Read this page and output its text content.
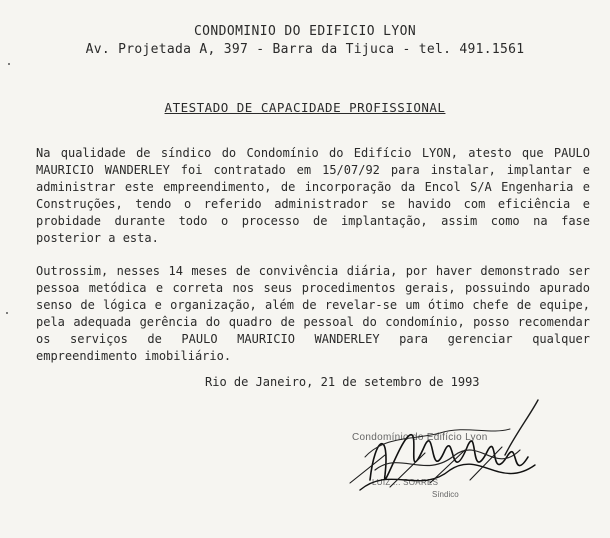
CONDOMINIO DO EDIFICIO LYON
Av. Projetada A, 397 - Barra da Tijuca - tel. 491.1561
ATESTADO DE CAPACIDADE PROFISSIONAL

Na qualidade de síndico do Condomínio do Edifício LYON, atesto que PAULO MAURICIO WANDERLEY foi contratado em 15/07/92 para instalar, implantar e administrar este empreendimento, de incorporação da Encol S/A Engenharia e Construções, tendo o referido administrador se havido com eficiência e probidade durante todo o processo de implantação, assim como na fase posterior a esta.

Outrossim, nesses 14 meses de convivência diária, por haver demonstrado ser pessoa metódica e correta nos seus procedimentos gerais, possuindo apurado senso de lógica e organização, além de revelar-se um ótimo chefe de equipe, pela adequada gerência do quadro de pessoal do condomínio, posso recomendar os serviços de PAULO MAURICIO WANDERLEY para gerenciar qualquer empreendimento imobiliário.

Rio de Janeiro, 21 de setembro de 1993
Condomínio do Edifício Lyon
LUIZ ... SOARES
Síndico
